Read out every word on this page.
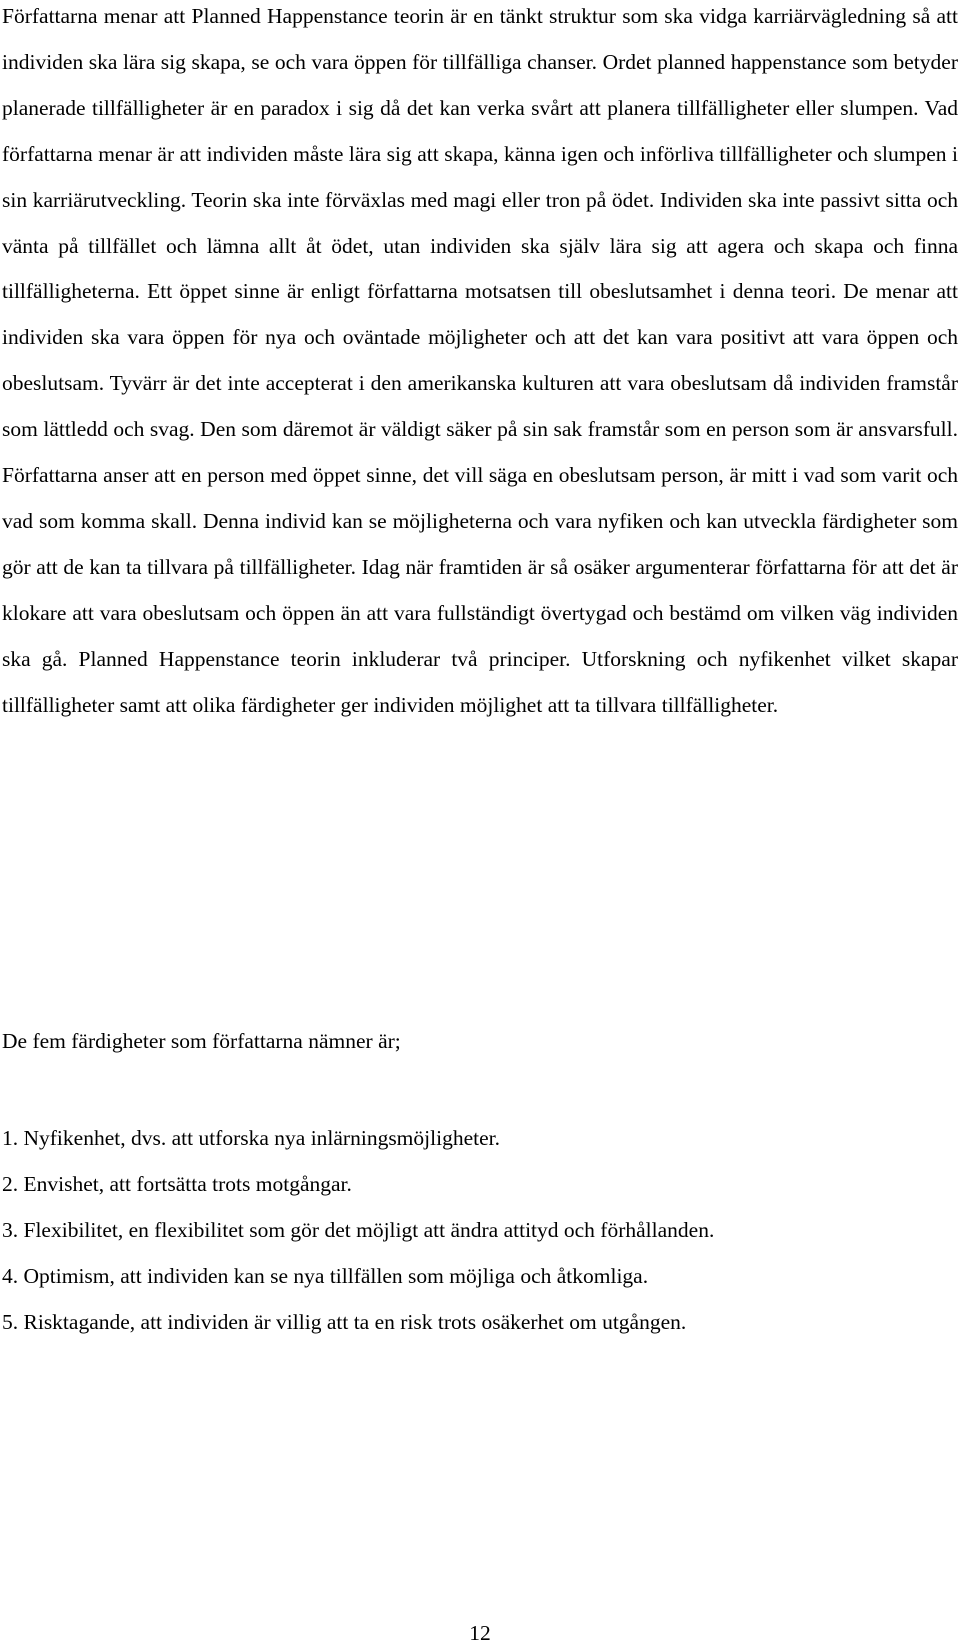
Författarna menar att Planned Happenstance teorin är en tänkt struktur som ska vidga karriärvägledning så att individen ska lära sig skapa, se och vara öppen för tillfälliga chanser. Ordet planned happenstance som betyder planerade tillfälligheter är en paradox i sig då det kan verka svårt att planera tillfälligheter eller slumpen. Vad författarna menar är att individen måste lära sig att skapa, känna igen och införliva tillfälligheter och slumpen i sin karriärutveckling. Teorin ska inte förväxlas med magi eller tron på ödet. Individen ska inte passivt sitta och vänta på tillfället och lämna allt åt ödet, utan individen ska själv lära sig att agera och skapa och finna tillfälligheterna. Ett öppet sinne är enligt författarna motsatsen till obeslutsamhet i denna teori. De menar att individen ska vara öppen för nya och oväntade möjligheter och att det kan vara positivt att vara öppen och obeslutsam. Tyvärr är det inte accepterat i den amerikanska kulturen att vara obeslutsam då individen framstår som lättledd och svag. Den som däremot är väldigt säker på sin sak framstår som en person som är ansvarsfull. Författarna anser att en person med öppet sinne, det vill säga en obeslutsam person, är mitt i vad som varit och vad som komma skall. Denna individ kan se möjligheterna och vara nyfiken och kan utveckla färdigheter som gör att de kan ta tillvara på tillfälligheter. Idag när framtiden är så osäker argumenterar författarna för att det är klokare att vara obeslutsam och öppen än att vara fullständigt övertygad och bestämd om vilken väg individen ska gå. Planned Happenstance teorin inkluderar två principer. Utforskning och nyfikenhet vilket skapar tillfälligheter samt att olika färdigheter ger individen möjlighet att ta tillvara tillfälligheter.

De fem färdigheter som författarna nämner är;

1. Nyfikenhet, dvs. att utforska nya inlärningsmöjligheter.
2. Envishet, att fortsätta trots motgångar.
3. Flexibilitet, en flexibilitet som gör det möjligt att ändra attityd och förhållanden.
4. Optimism, att individen kan se nya tillfällen som möjliga och åtkomliga.
5. Risktagande, att individen är villig att ta en risk trots osäkerhet om utgången.

12
